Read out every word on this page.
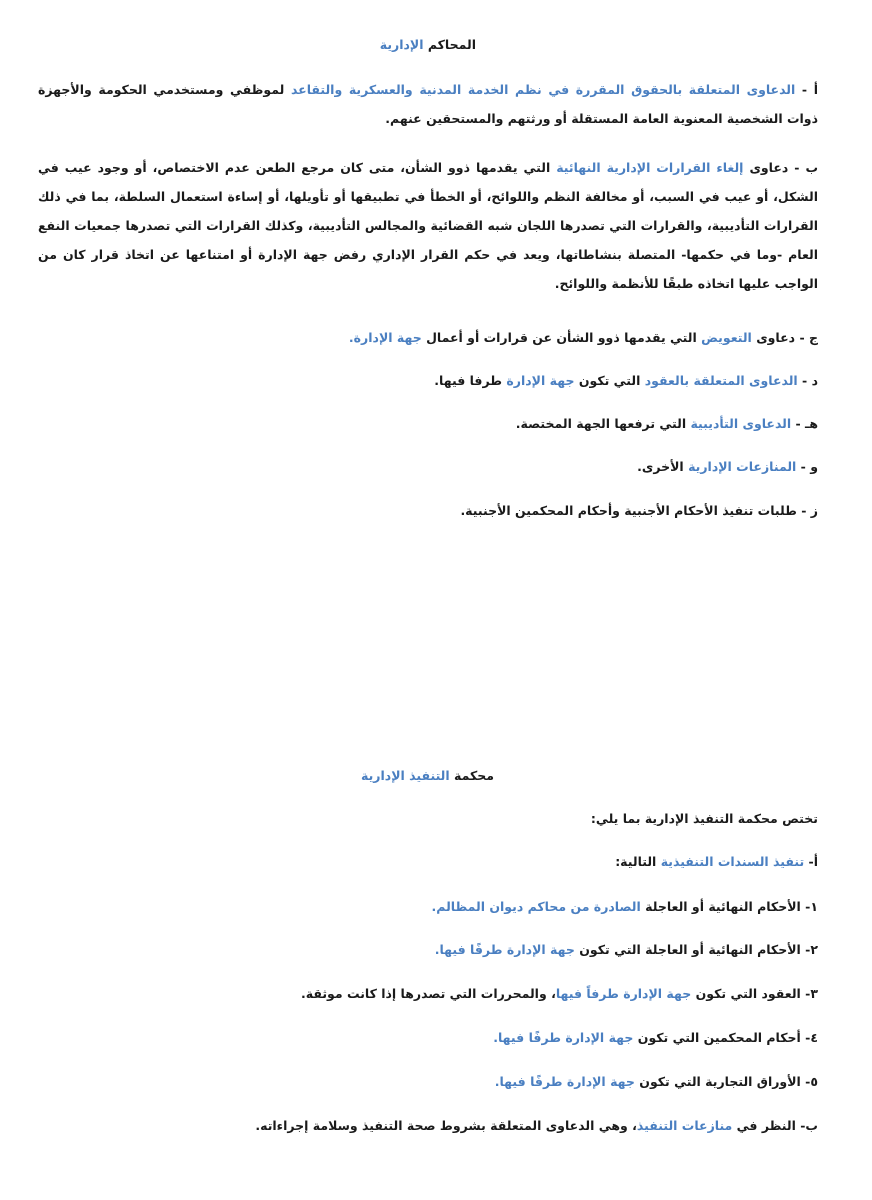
المحاكم الإدارية
أ - الدعاوى المتعلقة بالحقوق المقررة في نظم الخدمة المدنية والعسكرية والتقاعد لموظفي ومستخدمي الحكومة والأجهزة ذوات الشخصية المعنوية العامة المستقلة أو ورثتهم والمستحقين عنهم.
ب - دعاوى إلغاء القرارات الإدارية النهائية التي يقدمها ذوو الشأن، متى كان مرجع الطعن عدم الاختصاص، أو وجود عيب في الشكل، أو عيب في السبب، أو مخالفة النظم واللوائح، أو الخطأ في تطبيقها أو تأويلها، أو إساءة استعمال السلطة، بما في ذلك القرارات التأديبية، والقرارات التي تصدرها اللجان شبه القضائية والمجالس التأديبية، وكذلك القرارات التي تصدرها جمعيات النفع العام -وما في حكمها- المتصلة بنشاطاتها، ويعد في حكم القرار الإداري رفض جهة الإدارة أو امتناعها عن اتخاذ قرار كان من الواجب عليها اتخاذه طبقًا للأنظمة واللوائح.
ج - دعاوى التعويض التي يقدمها ذوو الشأن عن قرارات أو أعمال جهة الإدارة.
د - الدعاوى المتعلقة بالعقود التي تكون جهة الإدارة طرفا فيها.
هـ - الدعاوى التأديبية التي ترفعها الجهة المختصة.
و - المنازعات الإدارية الأخرى.
ز - طلبات تنفيذ الأحكام الأجنبية وأحكام المحكمين الأجنبية.
محكمة التنفيذ الإدارية
تختص محكمة التنفيذ الإدارية بما يلي:
أ- تنفيذ السندات التنفيذية التالية:
١- الأحكام النهائية أو العاجلة الصادرة من محاكم ديوان المظالم.
٢- الأحكام النهائية أو العاجلة التي تكون جهة الإدارة طرفًا فيها.
٣- العقود التي تكون جهة الإدارة طرفاً فيها، والمحررات التي تصدرها إذا كانت موثقة.
٤- أحكام المحكمين التي تكون جهة الإدارة طرفًا فيها.
٥- الأوراق التجارية التي تكون جهة الإدارة طرفًا فيها.
ب- النظر في منازعات التنفيذ، وهي الدعاوى المتعلقة بشروط صحة التنفيذ وسلامة إجراءاته.
